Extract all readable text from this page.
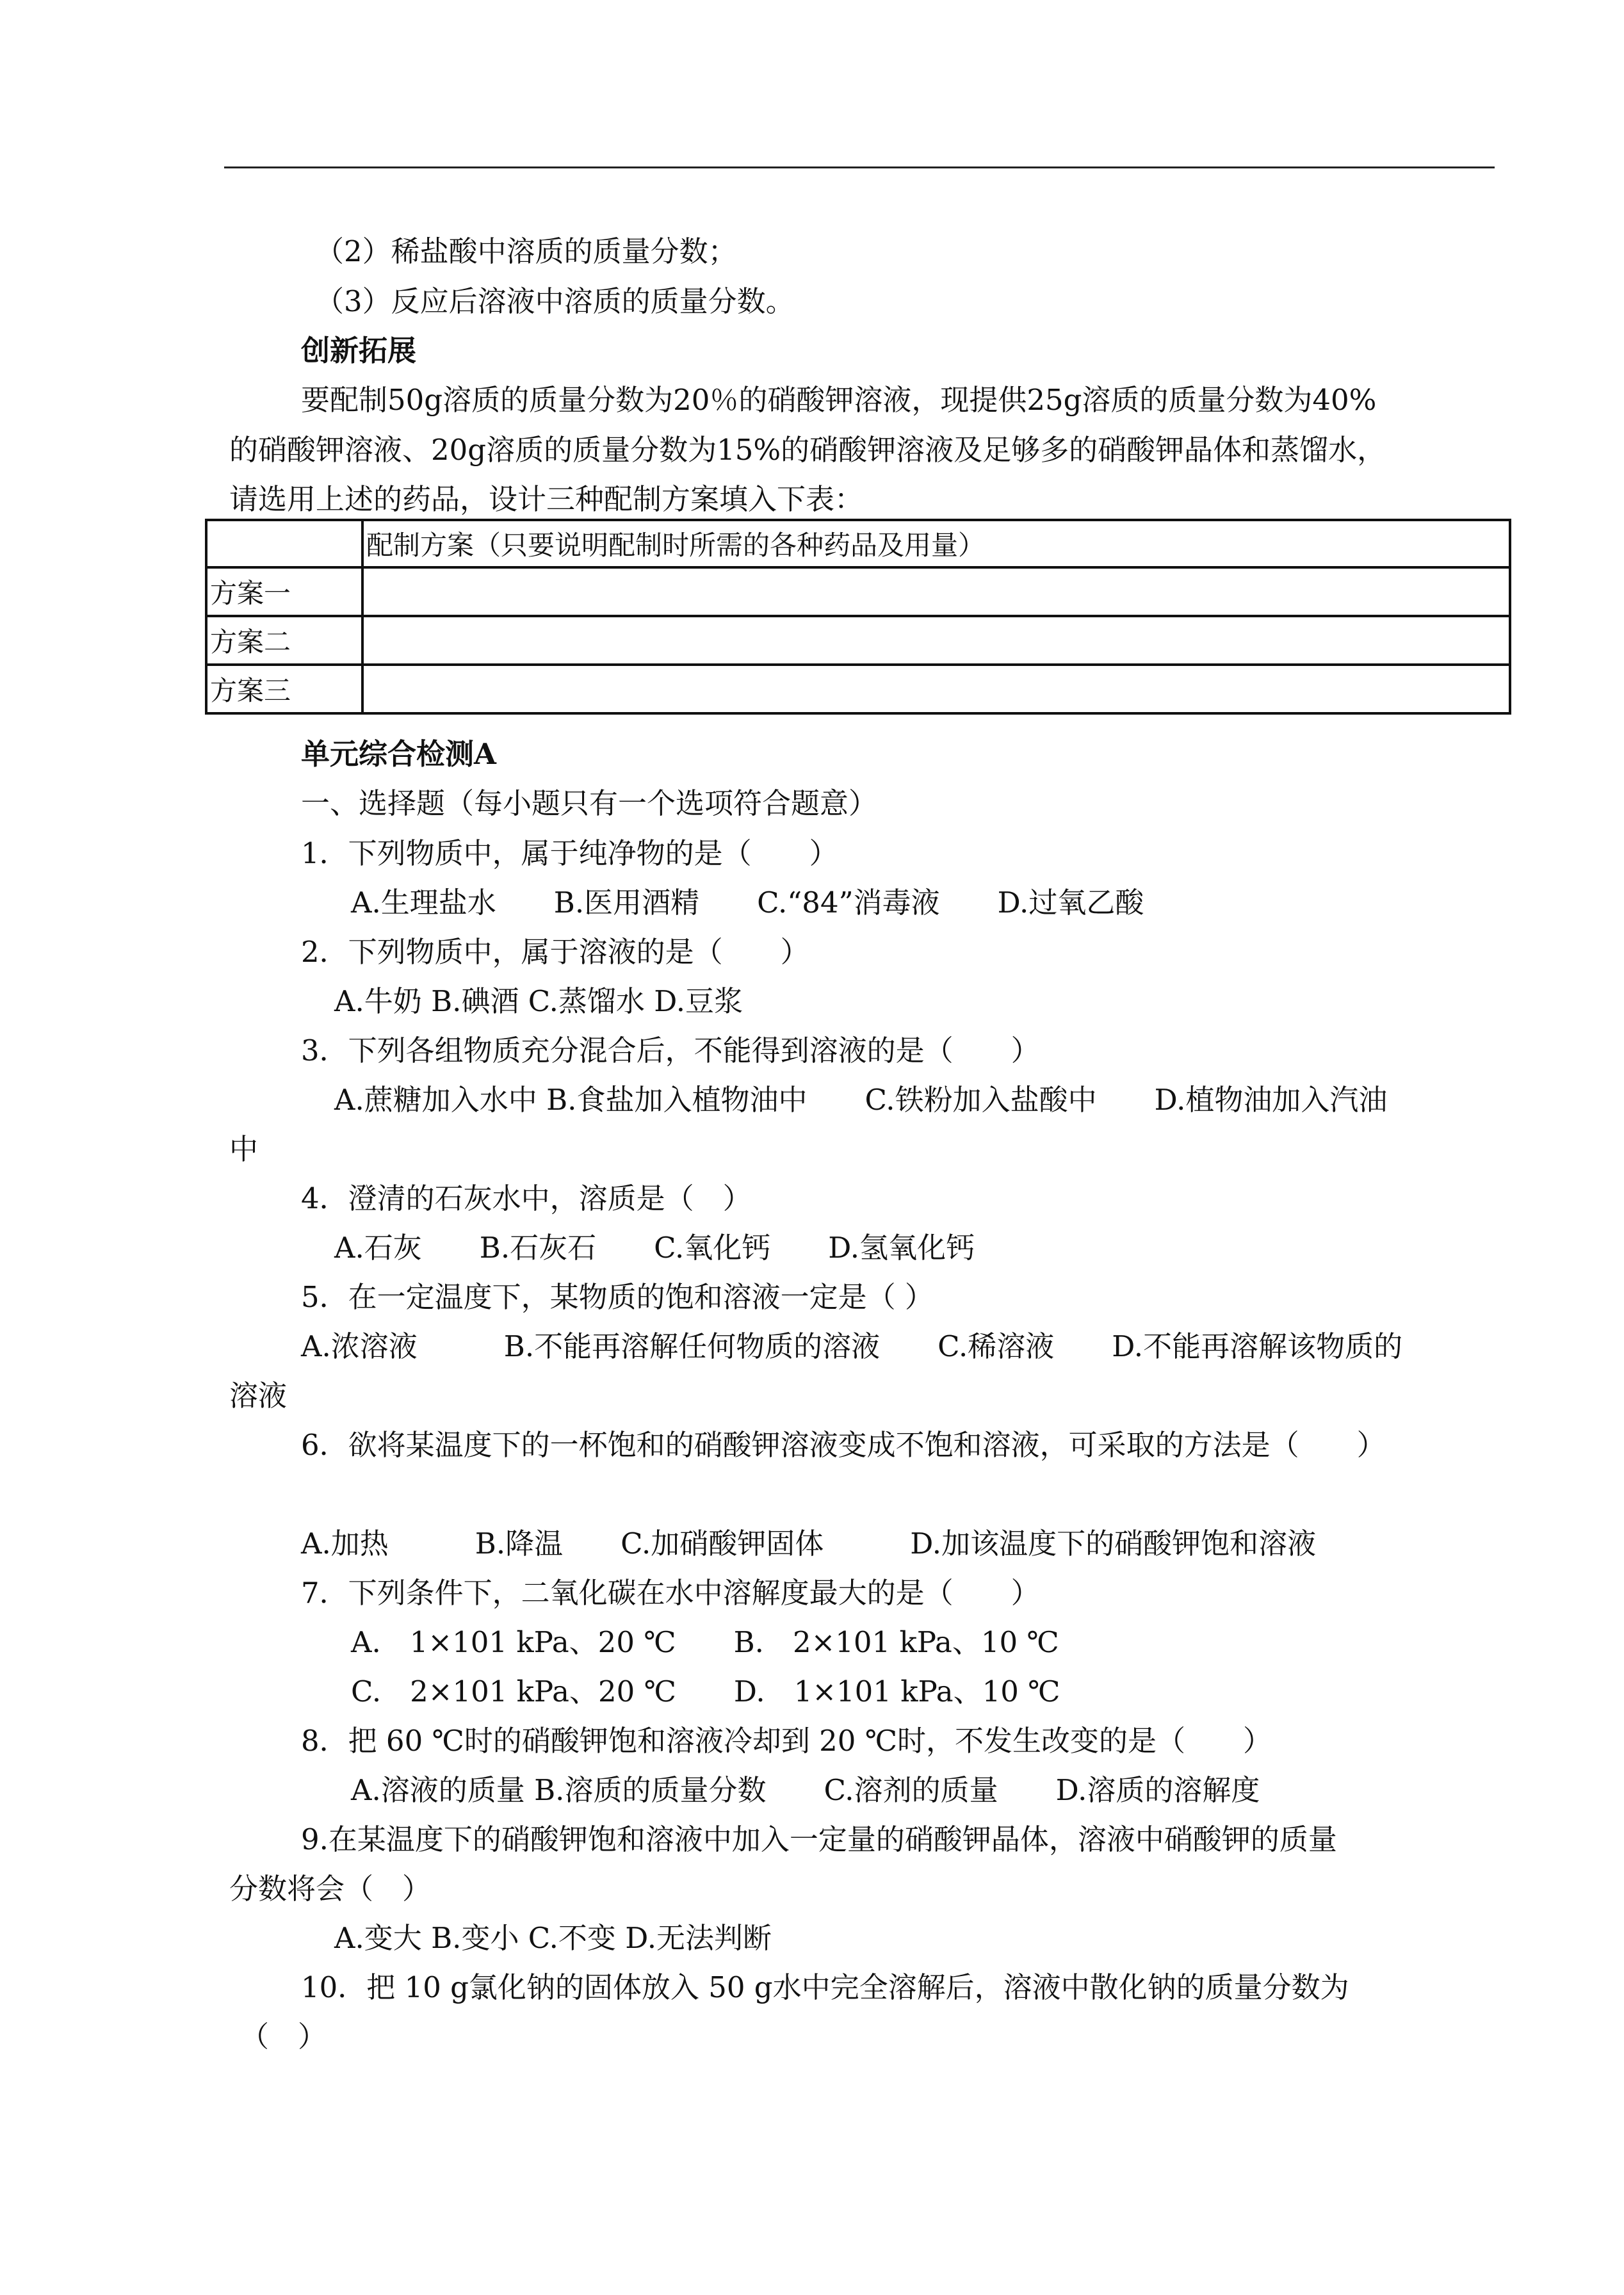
（2）稀盐酸中溶质的质量分数；
（3）反应后溶液中溶质的质量分数。
创新拓展
要配制50g溶质的质量分数为20％的硝酸钾溶液，现提供25g溶质的质量分数为40%
的硝酸钾溶液、20g溶质的质量分数为15%的硝酸钾溶液及足够多的硝酸钾晶体和蒸馏水，
请选用上述的药品，设计三种配制方案填入下表：
	配制方案（只要说明配制时所需的各种药品及用量）
方案一	
方案二	
方案三	
单元综合检测A
一、选择题（每小题只有一个选项符合题意）
1．下列物质中，属于纯净物的是（　　）
A.生理盐水　　B.医用酒精　　C.“84”消毒液　　D.过氧乙酸
2．下列物质中，属于溶液的是（　　）
A.牛奶 B.碘酒 C.蒸馏水 D.豆浆
3．下列各组物质充分混合后，不能得到溶液的是（　　）
A.蔗糖加入水中 B.食盐加入植物油中　　C.铁粉加入盐酸中　　D.植物油加入汽油
中
4．澄清的石灰水中，溶质是（　）
A.石灰　　B.石灰石　　C.氧化钙　　D.氢氧化钙
5．在一定温度下，某物质的饱和溶液一定是（ ）
A.浓溶液　　　B.不能再溶解任何物质的溶液　　C.稀溶液　　D.不能再溶解该物质的
溶液
6．欲将某温度下的一杯饱和的硝酸钾溶液变成不饱和溶液，可采取的方法是（　　）
A.加热　　　B.降温　　C.加硝酸钾固体　　　D.加该温度下的硝酸钾饱和溶液
7．下列条件下，二氧化碳在水中溶解度最大的是（　　）
A.　1×101 kPa、20 ℃　　B.　2×101 kPa、10 ℃
C.　2×101 kPa、20 ℃　　D.　1×101 kPa、10 ℃
8．把 60 ℃时的硝酸钾饱和溶液冷却到 20 ℃时，不发生改变的是（　　）
A.溶液的质量 B.溶质的质量分数　　C.溶剂的质量　　D.溶质的溶解度
9.在某温度下的硝酸钾饱和溶液中加入一定量的硝酸钾晶体，溶液中硝酸钾的质量
分数将会（　）
A.变大 B.变小 C.不变 D.无法判断
10．把 10 g氯化钠的固体放入 50 g水中完全溶解后，溶液中散化钠的质量分数为
（　）
